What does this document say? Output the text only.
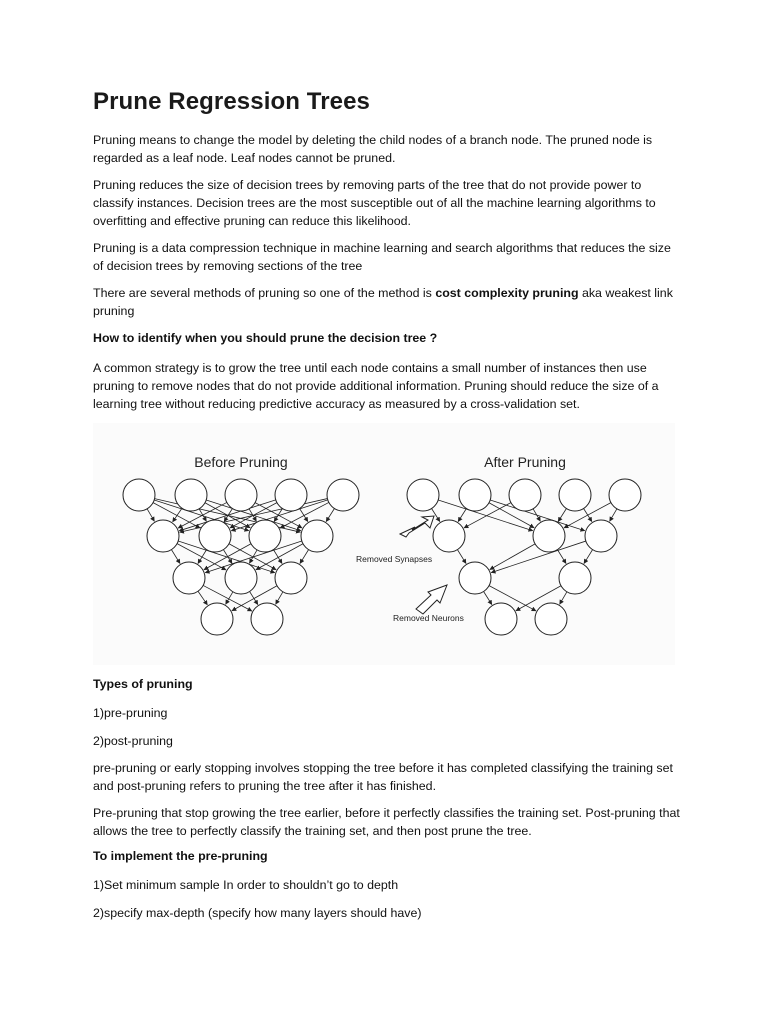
Prune Regression Trees

Pruning means to change the model by deleting the child nodes of a branch node. The pruned node is regarded as a leaf node. Leaf nodes cannot be pruned.

Pruning reduces the size of decision trees by removing parts of the tree that do not provide power to classify instances. Decision trees are the most susceptible out of all the machine learning algorithms to overfitting and effective pruning can reduce this likelihood.

Pruning is a data compression technique in machine learning and search algorithms that reduces the size of decision trees by removing sections of the tree

There are several methods of pruning so one of the method is cost complexity pruning aka weakest link pruning

How to identify when you should prune the decision tree ?

A common strategy is to grow the tree until each node contains a small number of instances then use pruning to remove nodes that do not provide additional information. Pruning should reduce the size of a learning tree without reducing predictive accuracy as measured by a cross-validation set.

Before Pruning	After Pruning
Removed Synapses
Removed Neurons

Types of pruning

1)pre-pruning

2)post-pruning

pre-pruning or early stopping involves stopping the tree before it has completed classifying the training set and post-pruning refers to pruning the tree after it has finished.

Pre-pruning that stop growing the tree earlier, before it perfectly classifies the training set. Post-pruning that allows the tree to perfectly classify the training set, and then post prune the tree.

To implement the pre-pruning

1)Set minimum sample In order to shouldn’t go to depth

2)specify max-depth (specify how many layers should have)
